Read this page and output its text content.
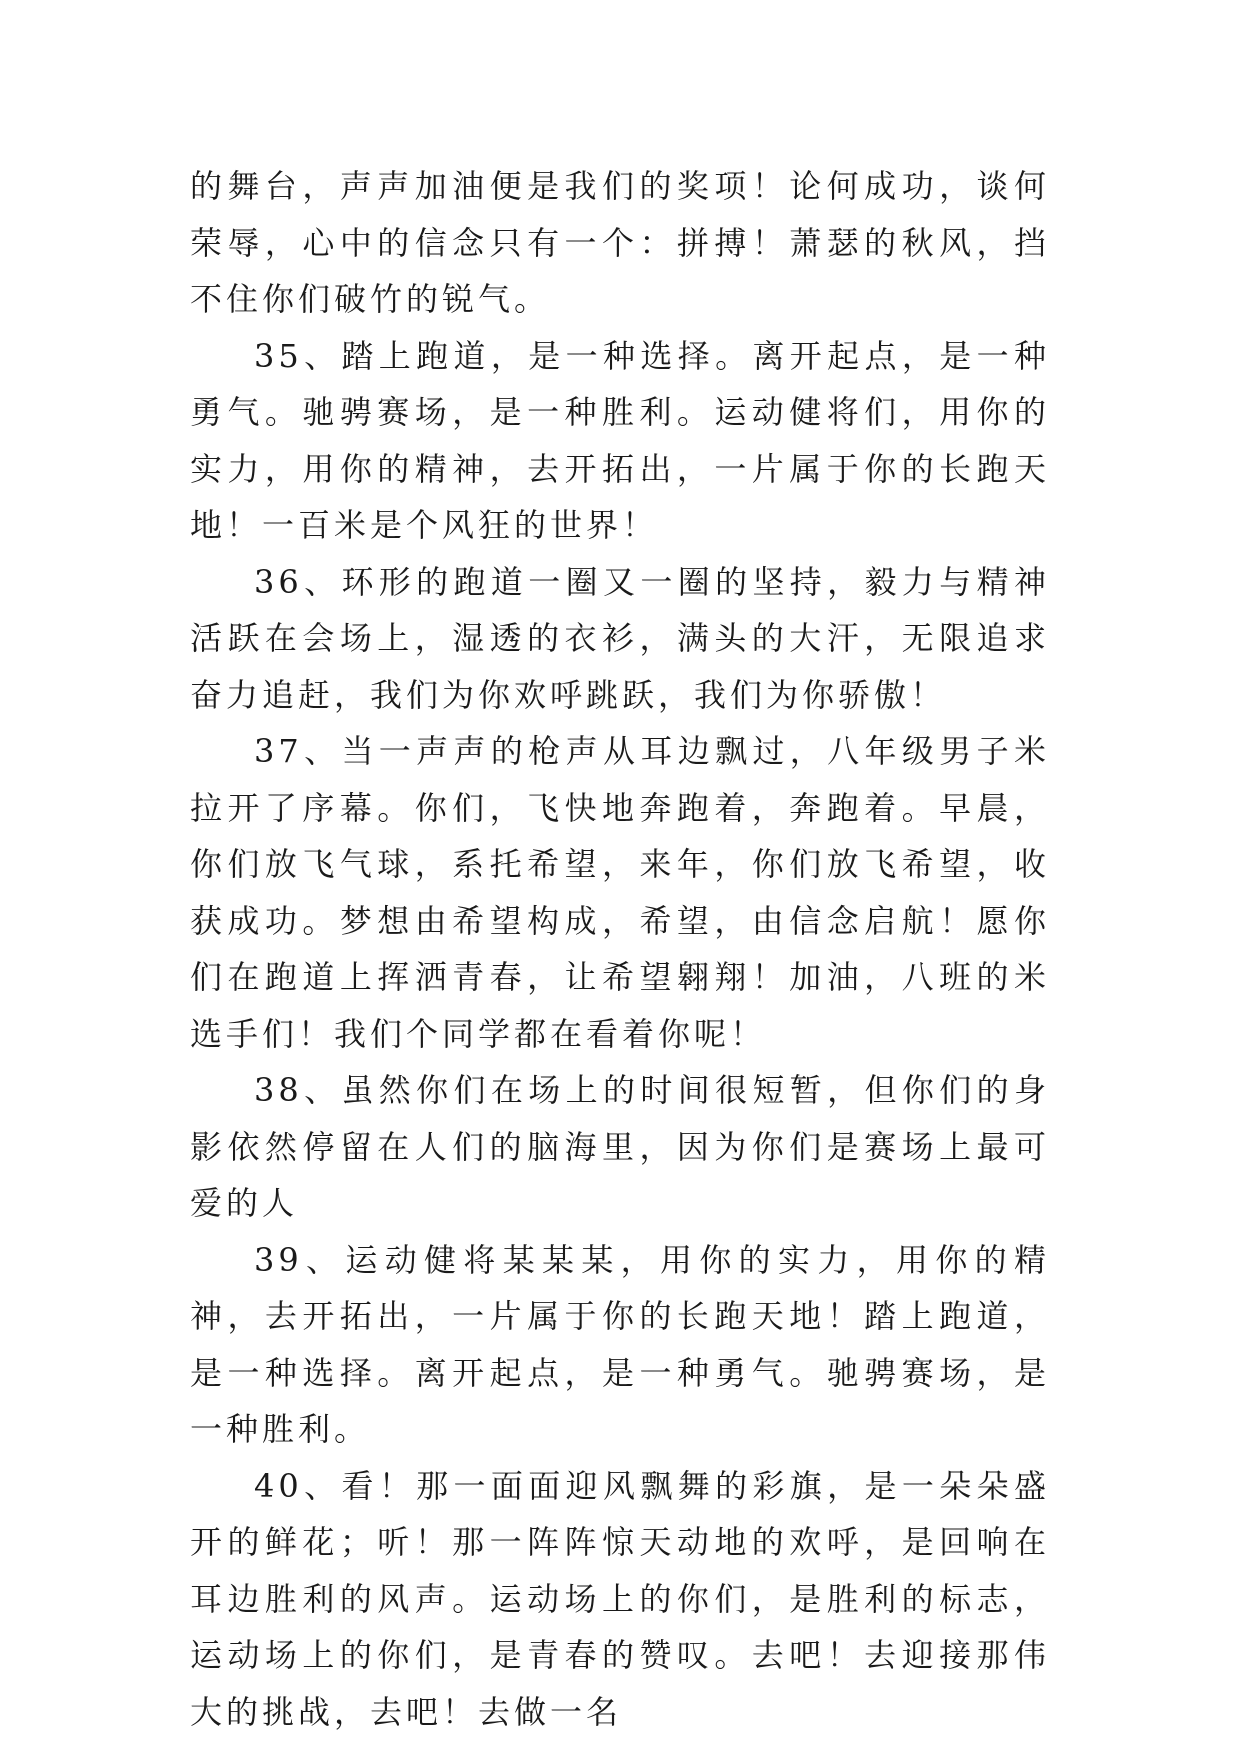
的舞台，声声加油便是我们的奖项！论何成功，谈何荣辱，心中的信念只有一个：拼搏！萧瑟的秋风，挡不住你们破竹的锐气。

35、踏上跑道，是一种选择。离开起点，是一种勇气。驰骋赛场，是一种胜利。运动健将们，用你的实力，用你的精神，去开拓出，一片属于你的长跑天地！一百米是个风狂的世界！

36、环形的跑道一圈又一圈的坚持，毅力与精神活跃在会场上，湿透的衣衫，满头的大汗，无限追求奋力追赶，我们为你欢呼跳跃，我们为你骄傲！

37、当一声声的枪声从耳边飘过，八年级男子米拉开了序幕。你们，飞快地奔跑着，奔跑着。早晨，你们放飞气球，系托希望，来年，你们放飞希望，收获成功。梦想由希望构成，希望，由信念启航！愿你们在跑道上挥洒青春，让希望翱翔！加油，八班的米选手们！我们个同学都在看着你呢！

38、虽然你们在场上的时间很短暂，但你们的身影依然停留在人们的脑海里，因为你们是赛场上最可爱的人

39、运动健将某某某，用你的实力，用你的精神，去开拓出，一片属于你的长跑天地！踏上跑道，是一种选择。离开起点，是一种勇气。驰骋赛场，是一种胜利。

40、看！那一面面迎风飘舞的彩旗，是一朵朵盛开的鲜花；听！那一阵阵惊天动地的欢呼，是回响在耳边胜利的风声。运动场上的你们，是胜利的标志，运动场上的你们，是青春的赞叹。去吧！去迎接那伟大的挑战，去吧！去做一名
